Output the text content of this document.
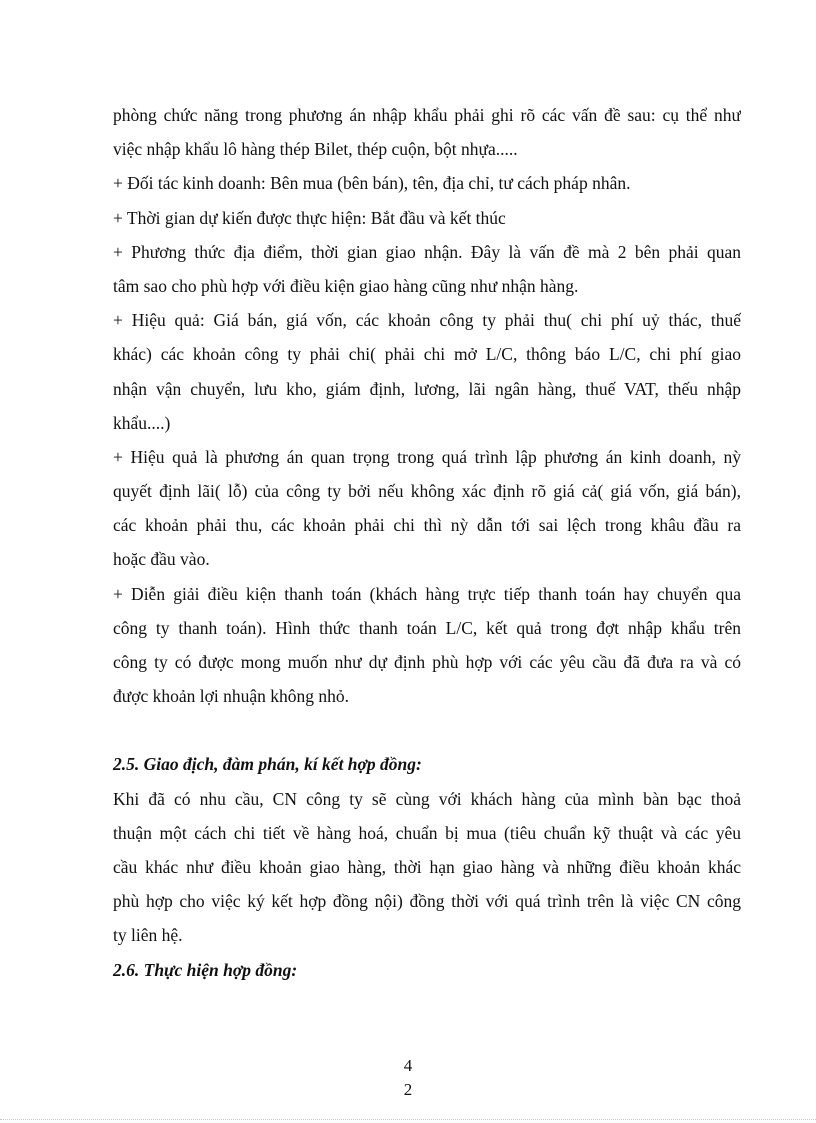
phòng chức năng trong phương án nhập khẩu phải ghi rõ các vấn đề sau: cụ thể như
việc nhập khẩu lô hàng thép Bilet, thép cuộn, bột nhựa.....
+ Đối tác kinh doanh: Bên mua (bên bán), tên, địa chỉ, tư cách pháp nhân.
+ Thời gian dự kiến được thực hiện: Bắt đầu và kết thúc
+ Phương thức địa điểm, thời gian giao nhận. Đây là vấn đề mà 2 bên phải quan
tâm sao cho phù hợp với điều kiện giao hàng cũng như nhận hàng.
+ Hiệu quả: Giá bán, giá vốn, các khoản công ty phải thu( chi phí uỷ thác, thuế
khác) các khoản công ty phải chi( phải chi mở L/C, thông báo L/C, chi phí giao
nhận vận chuyển, lưu kho, giám định, lương, lãi ngân hàng, thuế VAT, thếu nhập
khẩu....)
+ Hiệu quả là phương án quan trọng trong quá trình lập phương án kinh doanh, nỳ
quyết định lãi( lỗ) của công ty bởi nếu không xác định rõ giá cả( giá vốn, giá bán),
các khoản phải thu, các khoản phải chi thì nỳ dẫn tới sai lệch trong khâu đầu ra
hoặc đầu vào.
+ Diễn giải điều kiện thanh toán (khách hàng trực tiếp thanh toán hay chuyển qua
công ty thanh toán). Hình thức thanh toán L/C, kết quả trong đợt nhập khẩu trên
công ty có được mong muốn như dự định phù hợp với các yêu cầu đã đưa ra và có
được khoản lợi nhuận không nhỏ.
2.5. Giao địch, đàm phán, kí kết hợp đồng:
Khi đã có nhu cầu, CN công ty sẽ cùng với khách hàng của mình bàn bạc thoả
thuận một cách chi tiết về hàng hoá, chuẩn bị mua (tiêu chuẩn kỹ thuật và các yêu
cầu khác như điều khoản giao hàng, thời hạn giao hàng và những điều khoản khác
phù hợp cho việc ký kết hợp đồng nội) đồng thời với quá trình trên là việc CN công
ty liên hệ.
2.6. Thực hiện hợp đồng:
4
2
